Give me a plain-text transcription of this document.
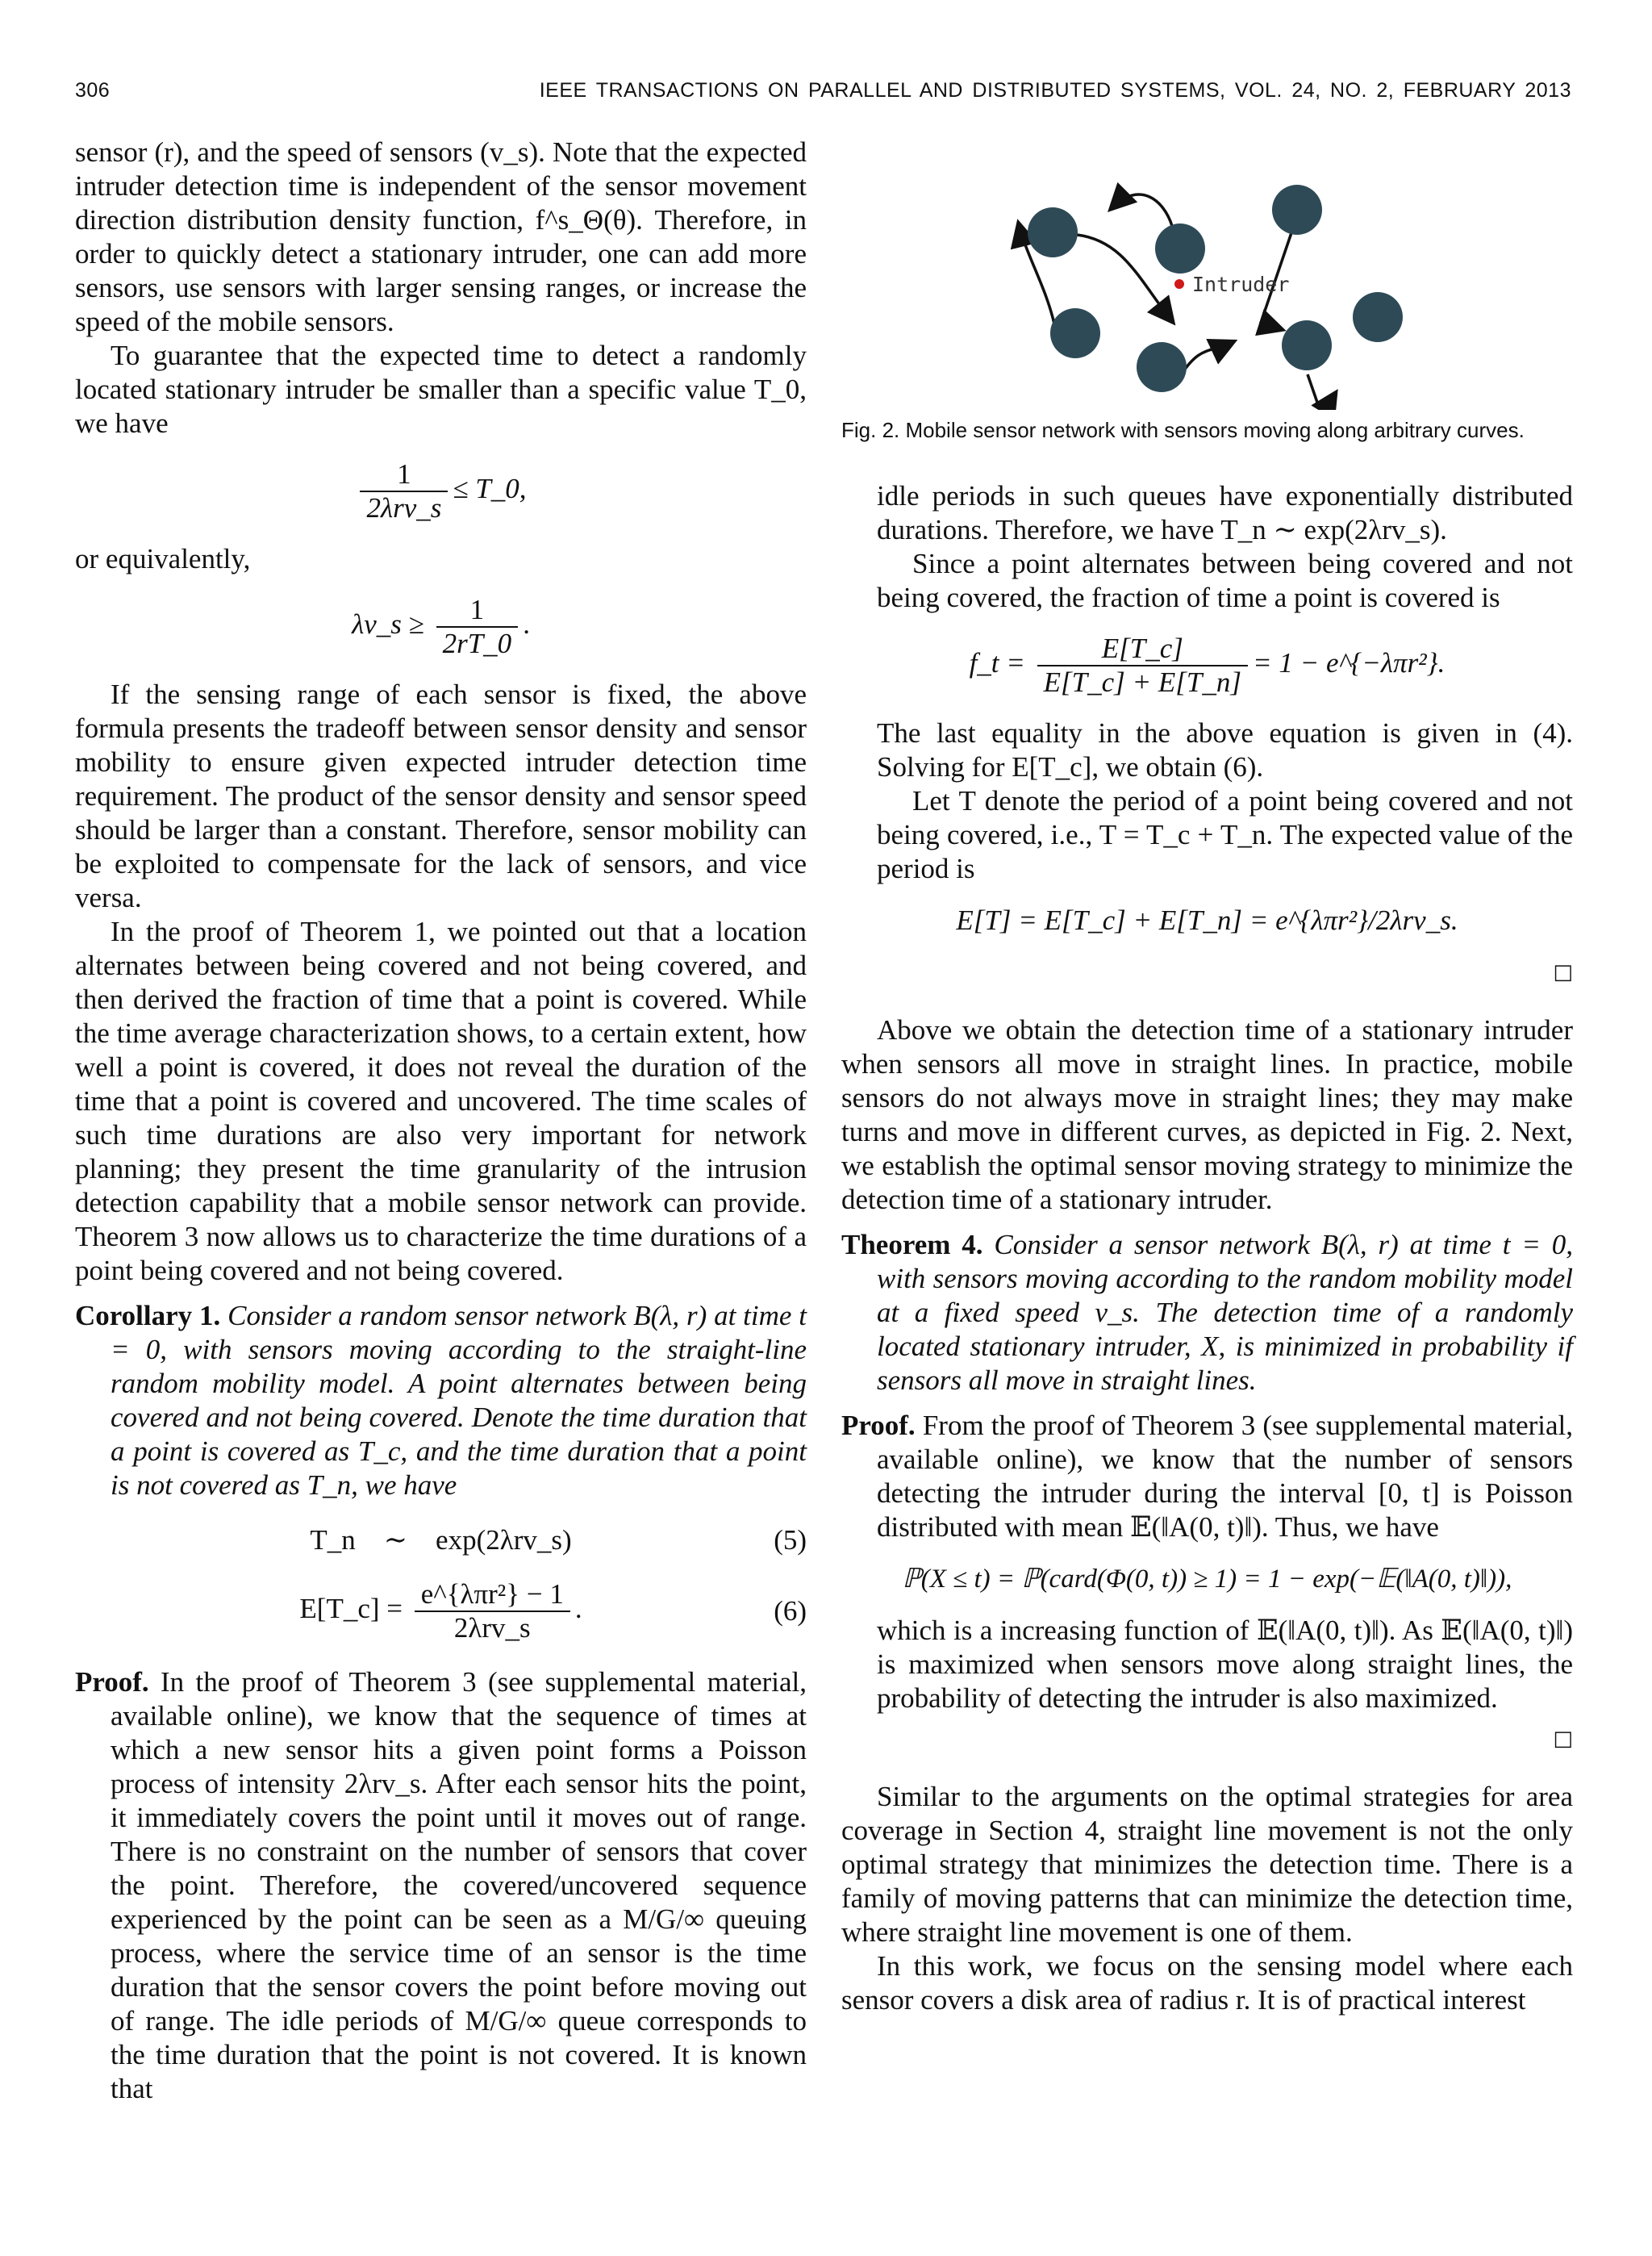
306	IEEE TRANSACTIONS ON PARALLEL AND DISTRIBUTED SYSTEMS, VOL. 24, NO. 2, FEBRUARY 2013

sensor (r), and the speed of sensors (v_s). Note that the expected intruder detection time is independent of the sensor movement direction distribution density function, f^s_Θ(θ). Therefore, in order to quickly detect a stationary intruder, one can add more sensors, use sensors with larger sensing ranges, or increase the speed of the mobile sensors.

To guarantee that the expected time to detect a randomly located stationary intruder be smaller than a specific value T_0, we have

$\frac{1}{\text{2λrv\_s}}$ ≤ T_0,

or equivalently,

λv_s ≥ $\frac{1}{2rT\_0}$ .

If the sensing range of each sensor is fixed, the above formula presents the tradeoff between sensor density and sensor mobility to ensure given expected intruder detection time requirement. The product of the sensor density and sensor speed should be larger than a constant. Therefore, sensor mobility can be exploited to compensate for the lack of sensors, and vice versa.

In the proof of Theorem 1, we pointed out that a location alternates between being covered and not being covered, and then derived the fraction of time that a point is covered. While the time average characterization shows, to a certain extent, how well a point is covered, it does not reveal the duration of the time that a point is covered and uncovered. The time scales of such time durations are also very important for network planning; they present the time granularity of the intrusion detection capability that a mobile sensor network can provide. Theorem 3 now allows us to characterize the time durations of a point being covered and not being covered.

Corollary 1. Consider a random sensor network B(λ, r) at time t = 0, with sensors moving according to the straight-line random mobility model. A point alternates between being covered and not being covered. Denote the time duration that a point is covered as T_c, and the time duration that a point is not covered as T_n, we have

T_n    ∼    exp(2λrv_s)	(5)
E[T_c] = $\frac{\text{e\textasciicircum{}\{λπr²\} − 1}}{\text{2λrv\_s}}$ .	(6)

Proof. In the proof of Theorem 3 (see supplemental material, available online), we know that the sequence of times at which a new sensor hits a given point forms a Poisson process of intensity 2λrv_s. After each sensor hits the point, it immediately covers the point until it moves out of range. There is no constraint on the number of sensors that cover the point. Therefore, the covered/uncovered sequence experienced by the point can be seen as a M/G/∞ queuing process, where the service time of an sensor is the time duration that the sensor covers the point before moving out of range. The idle periods of M/G/∞ queue corresponds to the time duration that the point is not covered. It is known that

Intruder

Fig. 2. Mobile sensor network with sensors moving along arbitrary curves.

idle periods in such queues have exponentially distributed durations. Therefore, we have T_n ∼ exp(2λrv_s).

Since a point alternates between being covered and not being covered, the fraction of time a point is covered is

f_t = $\frac{E[T\_c]}{E[T\_c] + E[T\_n]} = 1$ − e^{−λπr²}.

The last equality in the above equation is given in (4). Solving for E[T_c], we obtain (6).

Let T denote the period of a point being covered and not being covered, i.e., T = T_c + T_n. The expected value of the period is

E[T] = E[T_c] + E[T_n] = e^{λπr²}/2λrv_s.
□

Above we obtain the detection time of a stationary intruder when sensors all move in straight lines. In practice, mobile sensors do not always move in straight lines; they may make turns and move in different curves, as depicted in Fig. 2. Next, we establish the optimal sensor moving strategy to minimize the detection time of a stationary intruder.

Theorem 4. Consider a sensor network B(λ, r) at time t = 0, with sensors moving according to the random mobility model at a fixed speed v_s. The detection time of a randomly located stationary intruder, X, is minimized in probability if sensors all move in straight lines.

Proof. From the proof of Theorem 3 (see supplemental material, available online), we know that the number of sensors detecting the intruder during the interval [0, t] is Poisson distributed with mean 𝔼(‖A(0, t)‖). Thus, we have

ℙ(X ≤ t) = ℙ(card(Φ(0, t)) ≥ 1) = 1 − exp(−𝔼(‖A(0, t)‖)),

which is a increasing function of 𝔼(‖A(0, t)‖). As 𝔼(‖A(0, t)‖) is maximized when sensors move along straight lines, the probability of detecting the intruder is also maximized.

□

Similar to the arguments on the optimal strategies for area coverage in Section 4, straight line movement is not the only optimal strategy that minimizes the detection time. There is a family of moving patterns that can minimize the detection time, where straight line movement is one of them.

In this work, we focus on the sensing model where each sensor covers a disk area of radius r. It is of practical interest
